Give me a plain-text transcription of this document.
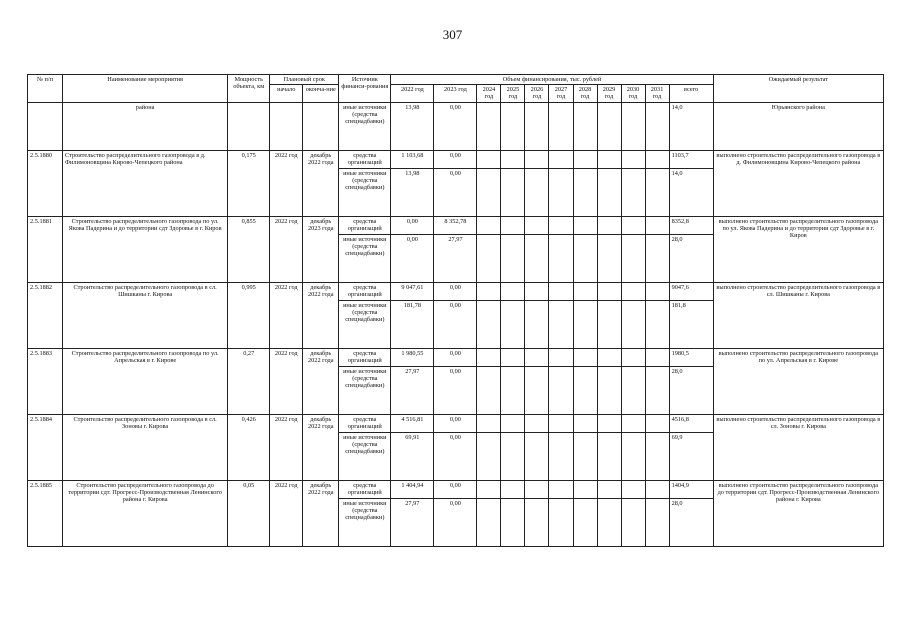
307
№ п/п	Наименование мероприятия	Мощность объекта, км	Плановый срок		Источник финанси-рования	Объем финансирования, тыс. рублей											Ожидаемый результат
			начало	оконча-ние		2022 год	2023 год	2024 год	2025 год	2026 год	2027 год	2028 год	2029 год	2030 год	2031 год	всего	
	района				иные источники (средства спецнадбавки)	13,98	0,00									14,0	Юрьянского района
2.5.1880	Строительство распределительного газопровода в д. Филимоновщина Кирово-Чепецкого района	0,175	2022 год	декабрь 2022 года	средства организаций	1 103,68	0,00									1103,7	выполнено строительство распределительного газопровода в д. Филимоновщина Кирово-Чепецкого района
					иные источники (средства спецнадбавки)	13,98	0,00									14,0	
2.5.1881	Строительство распределительного газопровода по ул. Якова Падерина и до территории сдт Здоровье в г. Киров	0,855	2022 год	декабрь 2023 года	средства организаций	0,00	8 352,78									8352,8	выполнено строительство распределительного газопровода по ул. Якова Падерина и до территории сдт Здоровье в г. Киров
					иные источники (средства спецнадбавки)	0,00	27,97									28,0	
2.5.1882	Строительство распределительного газопровода в сл. Шишканы г. Кирова	0,995	2022 год	декабрь 2022 года	средства организаций	9 047,61	0,00									9047,6	выполнено строительство распределительного газопровода в сл. Шишканы г. Кирова
					иные источники (средства спецнадбавки)	181,78	0,00									181,8	
2.5.1883	Строительство распределительного газопровода по ул. Апрельская в г. Кирове	0,27	2022 год	декабрь 2022 года	средства организаций	1 980,55	0,00									1980,5	выполнено строительство распределительного газопровода по ул. Апрельская в г. Кирове
					иные источники (средства спецнадбавки)	27,97	0,00									28,0	
2.5.1884	Строительство распределительного газопровода в сл. Зоновы г. Кирова	0,426	2022 год	декабрь 2022 года	средства организаций	4 516,81	0,00									4516,8	выполнено строительство распределительного газопровода в сл. Зоновы г. Кирова
					иные источники (средства спецнадбавки)	69,91	0,00									69,9	
2.5.1885	Строительство распределительного газопровода до территории сдт. Прогресс-Производственная Ленинского района г. Кирова	0,05	2022 год	декабрь 2022 года	средства организаций	1 404,94	0,00									1404,9	выполнено строительство распределительного газопровода до территории сдт. Прогресс-Производственная Ленинского района г. Кирова
					иные источники (средства спецнадбавки)	27,97	0,00									28,0	
